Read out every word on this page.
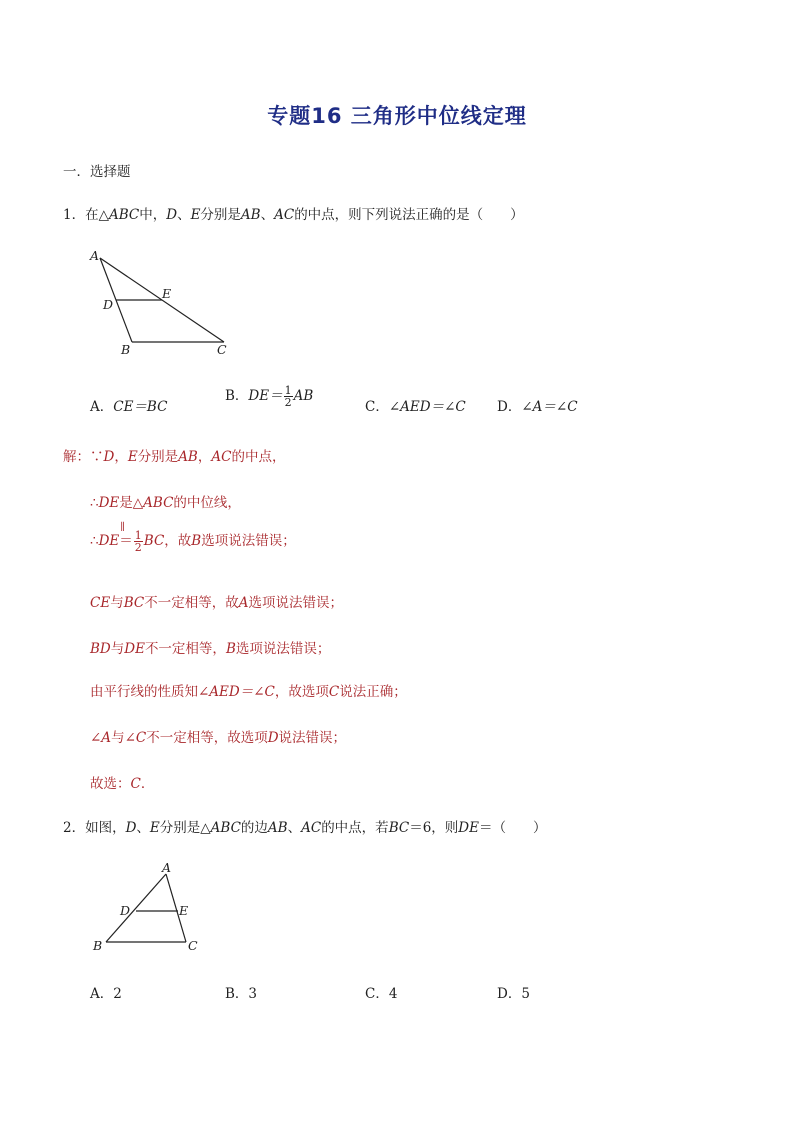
专题16 三角形中位线定理
一．选择题
1．在△ABC中，D、E分别是AB、AC的中点，则下列说法正确的是（　　）
A
D
E
B	C
A．CE＝BC
B．$DE= \frac{1}{2}$ AB
C．∠AED＝∠C D．∠A＝∠C
解：∵D，E分别是AB，AC的中点，
∴DE是△ABC的中位线，
∴DE
∥
＝ $\frac{1}{2}$ BC，故B选项说法错误；
CE与BC不一定相等，故A选项说法错误；
BD与DE不一定相等，B选项说法错误；
由平行线的性质知∠AED＝∠C，故选项C说法正确；
∠A与∠C不一定相等，故选项D说法错误；
故选：C．
2．如图，D、E分别是△ABC的边AB、AC的中点，若BC＝6，则DE＝（　　）
A
D	E
B	C
A．2	B．3	C．4	D．5
